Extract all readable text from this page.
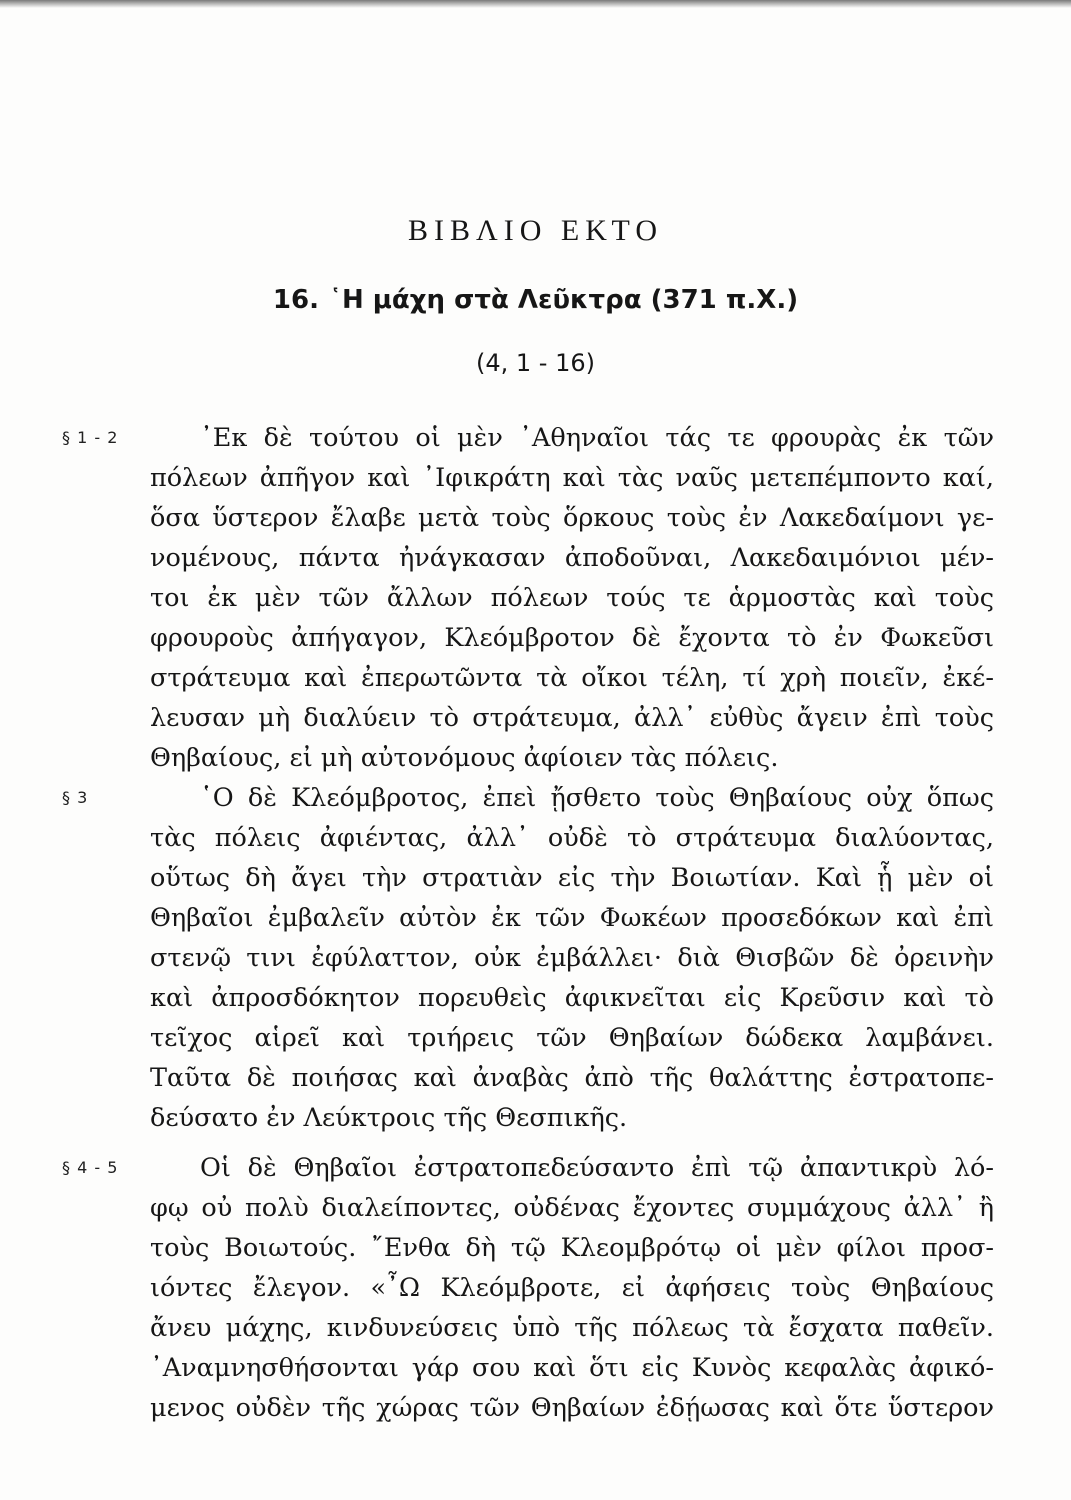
ΒΙΒΛΙΟ ΕΚΤΟ
16. ῾Η μάχη στὰ Λεῦκτρα (371 π.Χ.)
(4, 1 - 16)
§ 1 - 2	᾿Εκ δὲ τούτου οἱ μὲν ᾿Αθηναῖοι τάς τε φρουρὰς ἐκ τῶν
πόλεων ἀπῆγον καὶ ᾿Ιφικράτη καὶ τὰς ναῦς μετεπέμποντο καί,
ὅσα ὕστερον ἔλαβε μετὰ τοὺς ὅρκους τοὺς ἐν Λακεδαίμονι γε-
νομένους, πάντα ἠνάγκασαν ἀποδοῦναι, Λακεδαιμόνιοι μέν-
τοι ἐκ μὲν τῶν ἄλλων πόλεων τούς τε ἁρμοστὰς καὶ τοὺς
φρουροὺς ἀπήγαγον, Κλεόμβροτον δὲ ἔχοντα τὸ ἐν Φωκεῦσι
στράτευμα καὶ ἐπερωτῶντα τὰ οἴκοι τέλη, τί χρὴ ποιεῖν, ἐκέ-
λευσαν μὴ διαλύειν τὸ στράτευμα, ἀλλ᾿ εὐθὺς ἄγειν ἐπὶ τοὺς
Θηβαίους, εἰ μὴ αὐτονόμους ἀφίοιεν τὰς πόλεις.
§ 3	῾Ο δὲ Κλεόμβροτος, ἐπεὶ ᾔσθετο τοὺς Θηβαίους οὐχ ὅπως
τὰς πόλεις ἀφιέντας, ἀλλ᾿ οὐδὲ τὸ στράτευμα διαλύοντας,
οὕτως δὴ ἄγει τὴν στρατιὰν εἰς τὴν Βοιωτίαν. Καὶ ᾗ μὲν οἱ
Θηβαῖοι ἐμβαλεῖν αὐτὸν ἐκ τῶν Φωκέων προσεδόκων καὶ ἐπὶ
στενῷ τινι ἐφύλαττον, οὐκ ἐμβάλλει· διὰ Θισβῶν δὲ ὀρεινὴν
καὶ ἀπροσδόκητον πορευθεὶς ἀφικνεῖται εἰς Κρεῦσιν καὶ τὸ
τεῖχος αἱρεῖ καὶ τριήρεις τῶν Θηβαίων δώδεκα λαμβάνει.
Ταῦτα δὲ ποιήσας καὶ ἀναβὰς ἀπὸ τῆς θαλάττης ἐστρατοπε-
δεύσατο ἐν Λεύκτροις τῆς Θεσπικῆς.
§ 4 - 5	Οἱ δὲ Θηβαῖοι ἐστρατοπεδεύσαντο ἐπὶ τῷ ἀπαντικρὺ λό-
φῳ οὐ πολὺ διαλείποντες, οὐδένας ἔχοντες συμμάχους ἀλλ᾿ ἢ
τοὺς Βοιωτούς. ῎Ενθα δὴ τῷ Κλεομβρότῳ οἱ μὲν φίλοι προσ-
ιόντες ἔλεγον. «῏Ω Κλεόμβροτε, εἰ ἀφήσεις τοὺς Θηβαίους
ἄνευ μάχης, κινδυνεύσεις ὑπὸ τῆς πόλεως τὰ ἔσχατα παθεῖν.
᾿Αναμνησθήσονται γάρ σου καὶ ὅτι εἰς Κυνὸς κεφαλὰς ἀφικό-
μενος οὐδὲν τῆς χώρας τῶν Θηβαίων ἐδῄωσας καὶ ὅτε ὕστερον
